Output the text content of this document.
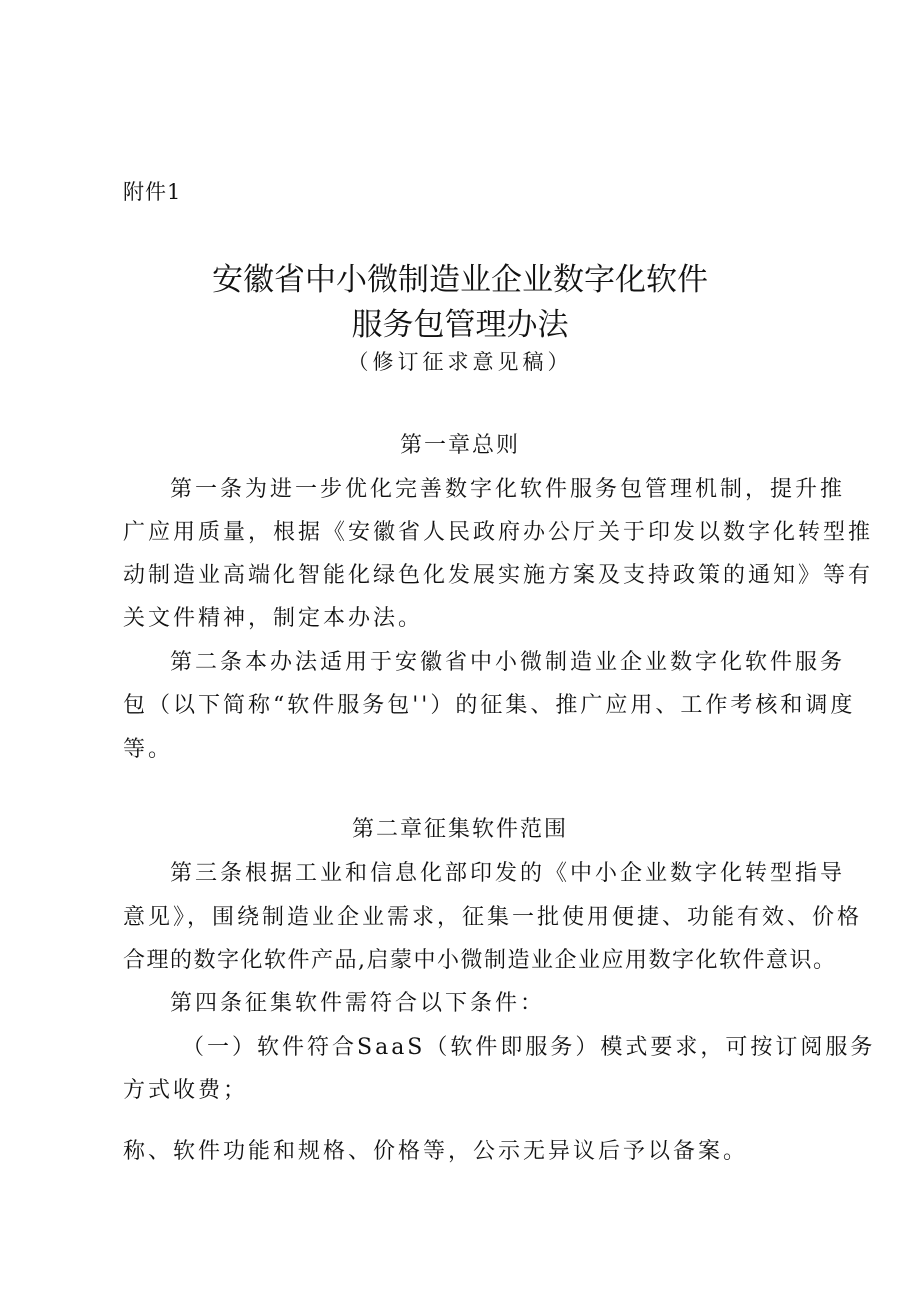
附件1
安徽省中小微制造业企业数字化软件
服务包管理办法
（修订征求意见稿）
第一章总则
第一条为进一步优化完善数字化软件服务包管理机制，提升推
广应用质量，根据《安徽省人民政府办公厅关于印发以数字化转型推
动制造业高端化智能化绿色化发展实施方案及支持政策的通知》等有
关文件精神，制定本办法。
第二条本办法适用于安徽省中小微制造业企业数字化软件服务
包（以下简称“软件服务包''）的征集、推广应用、工作考核和调度
等。
第二章征集软件范围
第三条根据工业和信息化部印发的《中小企业数字化转型指导
意见》，围绕制造业企业需求，征集一批使用便捷、功能有效、价格
合理的数字化软件产品,启蒙中小微制造业企业应用数字化软件意识。
第四条征集软件需符合以下条件：
（一）软件符合SaaS（软件即服务）模式要求，可按订阅服务
方式收费；
称、软件功能和规格、价格等，公示无异议后予以备案。
